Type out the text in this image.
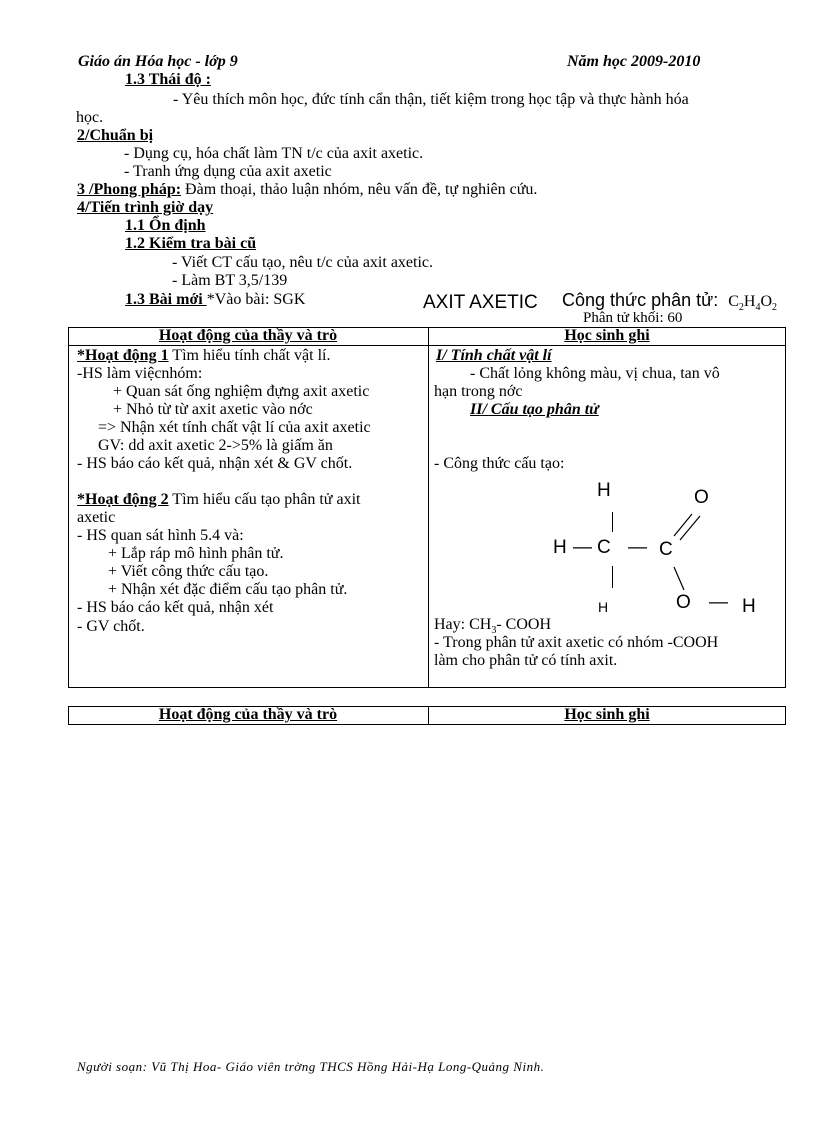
Giáo án Hóa học - lớp 9	Năm học 2009-2010
1.3 Thái độ :
- Yêu thích môn học, đức tính cẩn thận, tiết kiệm trong học tập và thực hành hóa
học.
2/Chuẩn bị
- Dụng cụ, hóa chất làm TN t/c của axit axetic.
- Tranh ứng dụng của axit axetic
3 /Phong pháp: Đàm thoại, thảo luận nhóm, nêu vấn đề, tự nghiên cứu.
4/Tiến trình giờ dạy
1.1 Ổn định
1.2 Kiểm tra bài cũ
- Viết CT cấu tạo, nêu t/c của axit axetic.
- Làm BT 3,5/139
1.3 Bài mới *Vào bài: SGK	AXIT AXETIC Công thức phân tử: $C_2H_4O_2$
Phân tử khối: 60
Hoạt động của thầy và trò	Học sinh ghi
*Hoạt động 1 Tìm hiểu tính chất vật lí.
-HS làm việcnhóm:
+ Quan sát ống nghiệm đựng axit axetic
+ Nhỏ từ từ axit axetic vào nớc
=> Nhận xét tính chất vật lí của axit axetic
GV: dd axit axetic 2->5% là giấm ăn
- HS báo cáo kết quả, nhận xét & GV chốt.
*Hoạt động 2 Tìm hiểu cấu tạo phân tử axit
axetic
- HS quan sát hình 5.4 và:
+ Lắp ráp mô hình phân tử.
+ Viết công thức cấu tạo.
+ Nhận xét đặc điểm cấu tạo phân tử.
- HS báo cáo kết quả, nhận xét
- GV chốt.
I/ Tính chất vật lí
- Chất lỏng không màu, vị chua, tan vô
hạn trong nớc
II/ Cấu tạo phân tử
- Công thức cấu tạo:
H
H — C — C
O
H	O — H
Hay: $CH_3-$ COOH
- Trong phân tử axit axetic có nhóm -COOH
làm cho phân tử có tính axit.
Hoạt động của thầy và trò	Học sinh ghi
Người soạn: Vũ Thị Hoa- Giáo viên trờng THCS Hồng Hải-Hạ Long-Quảng Ninh.
